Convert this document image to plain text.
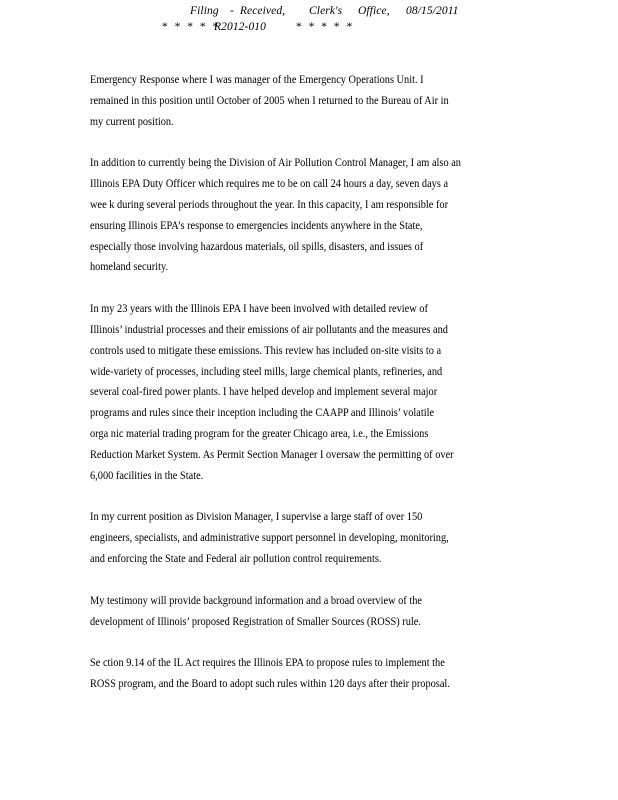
Filing -  Received, Clerk's Office, 08/15/2011
* * * * *
R2012-010	* * * * *

Emergency Response where I was manager of the Emergency Operations Unit. I
remained in this position until October of 2005 when I returned to the Bureau of Air in
my current position.

In addition to currently being the Division of Air Pollution Control Manager, I am also an
Illinois EPA Duty Officer which requires me to be on call 24 hours a day, seven days a
wee k during several periods throughout the year. In this capacity, I am responsible for
ensuring Illinois EPA’s response to emergencies incidents anywhere in the State,
especially those involving hazardous materials, oil spills, disasters, and issues of
homeland security.

In my 23 years with the Illinois EPA I have been involved with detailed review of
Illinois’ industrial processes and their emissions of air pollutants and the measures and
controls used to mitigate these emissions. This review has included on-site visits to a
wide-variety of processes, including steel mills, large chemical plants, refineries, and
several coal-fired power plants. I have helped develop and implement several major
programs and rules since their inception including the CAAPP and Illinois’ volatile
orga nic material trading program for the greater Chicago area, i.e., the Emissions
Reduction Market System. As Permit Section Manager I oversaw the permitting of over
6,000 facilities in the State.

In my current position as Division Manager, I supervise a large staff of over 150
engineers, specialists, and administrative support personnel in developing, monitoring,
and enforcing the State and Federal air pollution control requirements.

My testimony will provide background information and a broad overview of the
development of Illinois’ proposed Registration of Smaller Sources (ROSS) rule.

Se ction 9.14 of the IL Act requires the Illinois EPA to propose rules to implement the
ROSS program, and the Board to adopt such rules within 120 days after their proposal.
